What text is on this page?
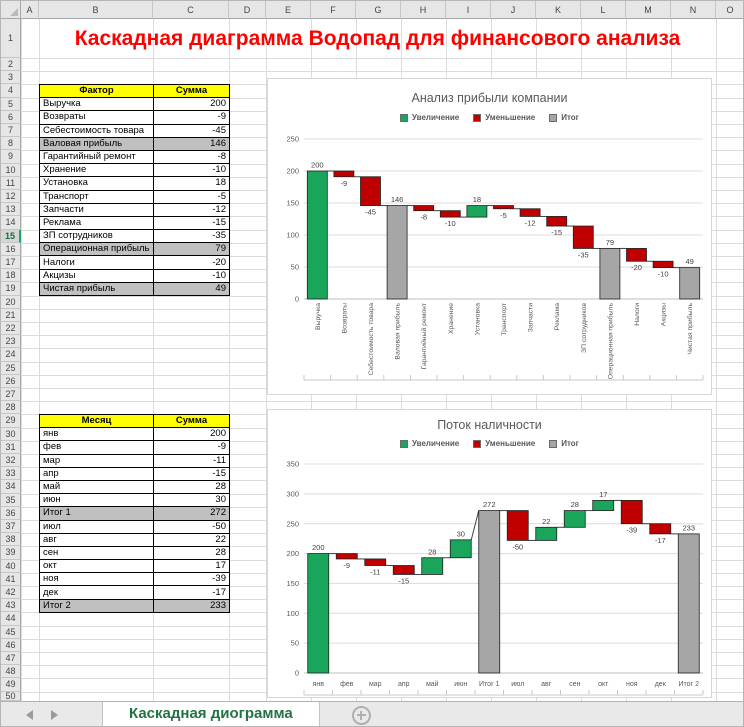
Каскадная диаграмма Водопад для финансового анализа
Фактор	Сумма
Выручка	200
Возвраты	-9
Себестоимость товара	-45
Валовая прибыль	146
Гарантийный ремонт	-8
Хранение	-10
Установка	18
Транспорт	-5
Запчасти	-12
Реклама	-15
ЗП сотрудников	-35
Операционная прибыль	79
Налоги	-20
Акцизы	-10
Чистая прибыль	49
Месяц	Сумма
янв	200
фев	-9
мар	-11
апр	-15
май	28
июн	30
Итог 1	272
июл	-50
авг	22
сен	28
окт	17
ноя	-39
дек	-17
Итог 2	233
Анализ прибыли компании
Увеличение	Уменьшение	Итог
0
50
100
150
200
250
200
Выручка
-9
Возвраты
-45
Себестоимость товара
146
Валовая прибыль
-8
Гарантийный ремонт
-10
Хранение
18
Установка
-5
Транспорт
-12
Запчасти
-15
Реклама
-35
ЗП сотрудников
79
Операционная прибыль
-20
Налоги
-10
Акцизы
49
Чистая прибыль
Поток наличности
Увеличение	Уменьшение	Итог
0
50
100
150
200
250
300
350
200
янв
-9
фев
-11
мар
-15
апр
28
май
30
июн
272
Итог 1
-50
июл
22
авг
28
сен
17
окт
-39
ноя
-17
дек
233
Итог 2
A	B	C	D	E	F	G	H	I	J	K	L	M	N	O
1
2
3
4
5
6
7
8
9
10
11
12
13
14
15
16
17
18
19
20
21
22
23
24
25
26
27
28
29
30
31
32
33
34
35
36
37
38
39
40
41
42
43
44
45
46
47
48
49
50
Каскадная диограмма
